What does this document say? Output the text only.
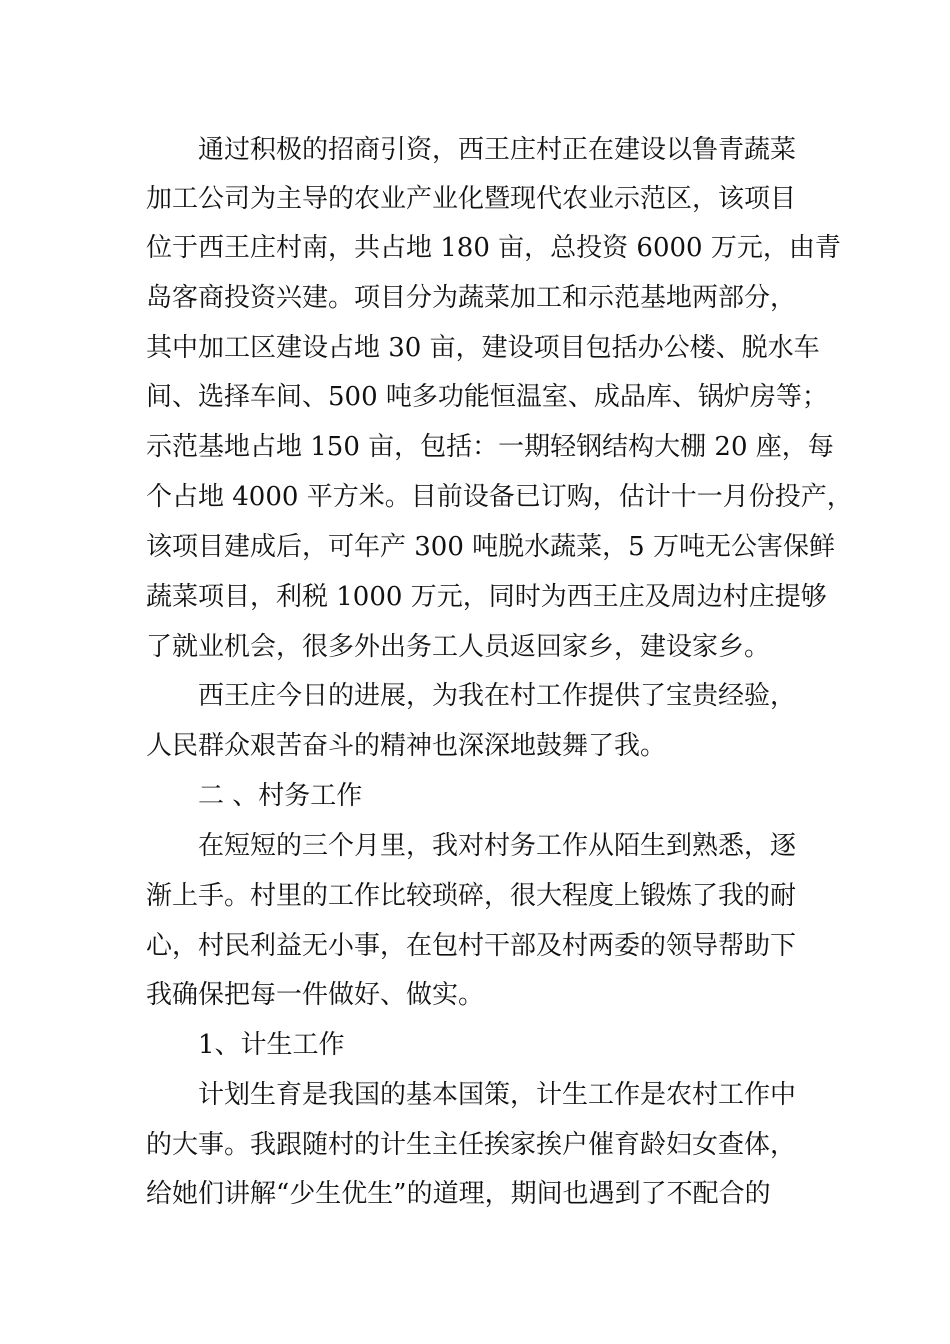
通过积极的招商引资，西王庄村正在建设以鲁青蔬菜

加工公司为主导的农业产业化暨现代农业示范区，该项目

位于西王庄村南，共占地 180 亩，总投资 6000 万元，由青

岛客商投资兴建。项目分为蔬菜加工和示范基地两部分，

其中加工区建设占地 30 亩，建设项目包括办公楼、脱水车

间、选择车间、500 吨多功能恒温室、成品库、锅炉房等；

示范基地占地 150 亩，包括：一期轻钢结构大棚 20 座，每

个占地 4000 平方米。目前设备已订购，估计十一月份投产，

该项目建成后，可年产 300 吨脱水蔬菜，5 万吨无公害保鲜

蔬菜项目，利税 1000 万元，同时为西王庄及周边村庄提够

了就业机会，很多外出务工人员返回家乡，建设家乡。

西王庄今日的进展，为我在村工作提供了宝贵经验，

人民群众艰苦奋斗的精神也深深地鼓舞了我。

二 、村务工作

在短短的三个月里，我对村务工作从陌生到熟悉，逐

渐上手。村里的工作比较琐碎，很大程度上锻炼了我的耐

心，村民利益无小事，在包村干部及村两委的领导帮助下

我确保把每一件做好、做实。

1、计生工作

计划生育是我国的基本国策，计生工作是农村工作中

的大事。我跟随村的计生主任挨家挨户催育龄妇女查体，

给她们讲解“少生优生”的道理，期间也遇到了不配合的
